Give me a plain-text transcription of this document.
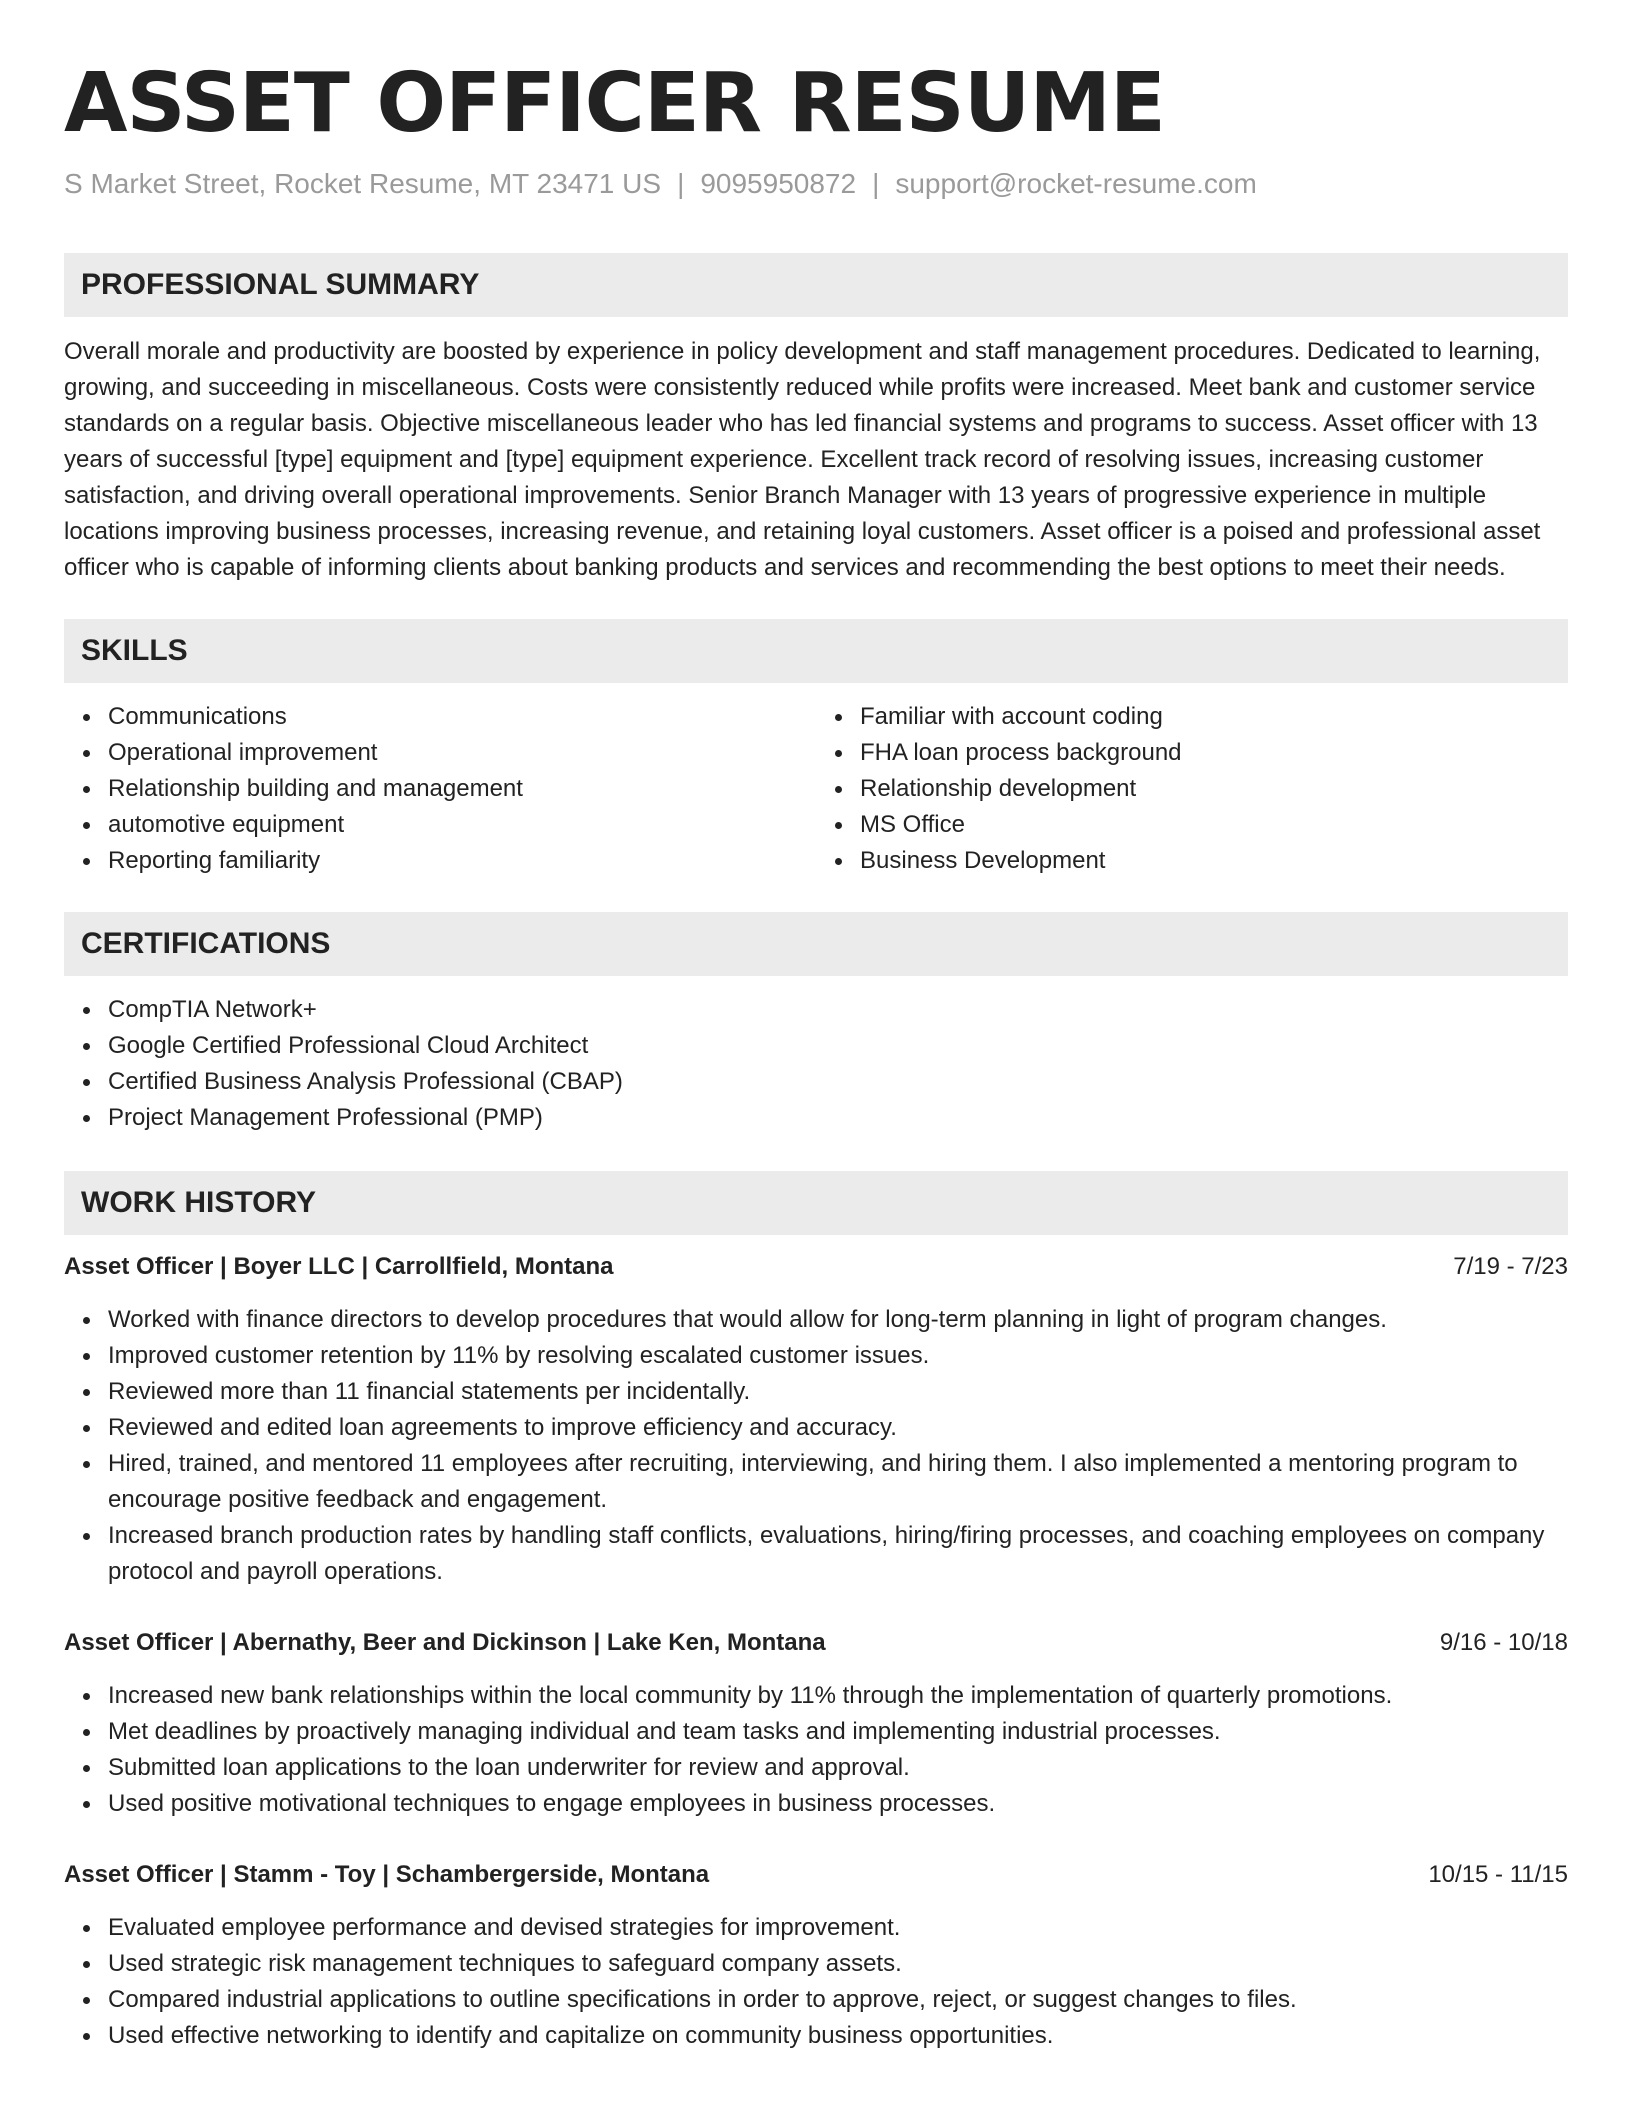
ASSET OFFICER RESUME
S Market Street, Rocket Resume, MT 23471 US | 9095950872 | support@rocket-resume.com
PROFESSIONAL SUMMARY

Overall morale and productivity are boosted by experience in policy development and staff management procedures. Dedicated to learning, growing, and succeeding in miscellaneous. Costs were consistently reduced while profits were increased. Meet bank and customer service standards on a regular basis. Objective miscellaneous leader who has led financial systems and programs to success. Asset officer with 13 years of successful [type] equipment and [type] equipment experience. Excellent track record of resolving issues, increasing customer satisfaction, and driving overall operational improvements. Senior Branch Manager with 13 years of progressive experience in multiple locations improving business processes, increasing revenue, and retaining loyal customers. Asset officer is a poised and professional asset officer who is capable of informing clients about banking products and services and recommending the best options to meet their needs.

SKILLS
Communications
Operational improvement
Relationship building and management
automotive equipment
Reporting familiarity
Familiar with account coding
FHA loan process background
Relationship development
MS Office
Business Development
CERTIFICATIONS
CompTIA Network+
Google Certified Professional Cloud Architect
Certified Business Analysis Professional (CBAP)
Project Management Professional (PMP)
WORK HISTORY
Asset Officer | Boyer LLC | Carrollfield, Montana	7/19 - 7/23
Worked with finance directors to develop procedures that would allow for long-term planning in light of program changes.
Improved customer retention by 11% by resolving escalated customer issues.
Reviewed more than 11 financial statements per incidentally.
Reviewed and edited loan agreements to improve efficiency and accuracy.
Hired, trained, and mentored 11 employees after recruiting, interviewing, and hiring them. I also implemented a mentoring program to encourage positive feedback and engagement.
Increased branch production rates by handling staff conflicts, evaluations, hiring/firing processes, and coaching employees on company protocol and payroll operations.
Asset Officer | Abernathy, Beer and Dickinson | Lake Ken, Montana	9/16 - 10/18
Increased new bank relationships within the local community by 11% through the implementation of quarterly promotions.
Met deadlines by proactively managing individual and team tasks and implementing industrial processes.
Submitted loan applications to the loan underwriter for review and approval.
Used positive motivational techniques to engage employees in business processes.
Asset Officer | Stamm - Toy | Schambergerside, Montana	10/15 - 11/15
Evaluated employee performance and devised strategies for improvement.
Used strategic risk management techniques to safeguard company assets.
Compared industrial applications to outline specifications in order to approve, reject, or suggest changes to files.
Used effective networking to identify and capitalize on community business opportunities.
